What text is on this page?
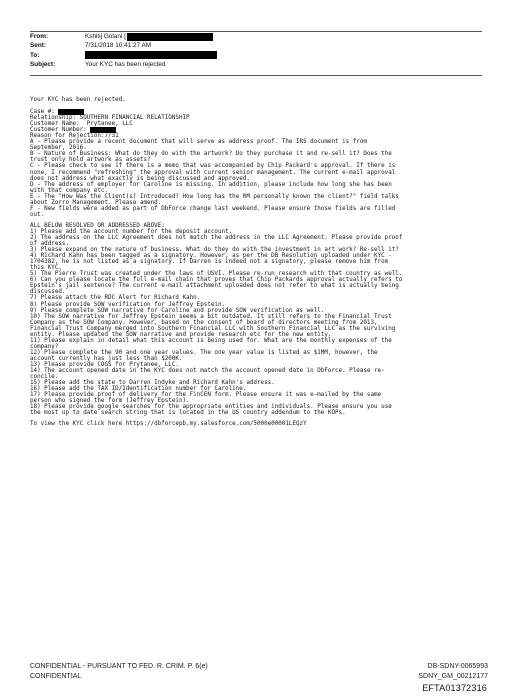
From:	Kshitij Golani [
Sent:	7/31/2018 10:41:27 AM
To:
Subject:	Your KYC has been rejected

Your KYC has been rejected.

Case #:

Relationship: SOUTHERN FINANCIAL RELATIONSHIP

Customer Name:  Prytanee, LLC

Customer Number:

Reason for Rejection:7/31

A - Please provide a recent document that will serve as address proof. The IRS document is from
September, 2016.

B - Nature of Business: What do they do with the artwork? Do they purchase it and re-sell it? Does the
trust only hold artwork as assets?

C - Please check to see if there is a memo that was accompanied by Chip Packard's approval. If there is
none, I recommend "refreshing" the approval with current senior management. The current e-mail approval
does not address what exactly is being discussed and approved.

D - The address of employer for Caroline is missing. In addition, please include how long she has been
with that company etc.

E - The "How Was the Client(s) Introduced? How long has the RM personally known the client?" field talks
about Zorro Management. Please amend.

F - New fields were added as part of DbForce change last weekend. Please ensure those fields are filled
out.

ALL BELOW RESOLVED OR ADDRESSED ABOVE:

1) Please add the account number for the deposit account.

2) The address on the LLC Agreement does not match the address in the LLC Agreement. Please provide proof
of address.

3) Please expand on the nature of business. What do they do with the investment in art work? Re-sell it?

4) Richard Kahn has been tagged as a signatory. However, as per the DB Resolution uploaded under KYC -
1704382, he is not listed as a signatory. If Darren is indeed not a signatory, please remove him from
this KYC.

5) The Pierre Trust was created under the laws of USVI. Please re-run research with that country as well.

6) Can you please locate the full e-mail chain that proves that Chip Packards approval actually refers to
Epstein's jail sentence? The current e-mail attachment uploaded does not refer to what is actually being
discussed.

7) Please attach the RDC Alert for Richard Kahn.

8) Please provide SOW verification for Jeffrey Epstein.

9) Please complete SOW narrative for Caroline and provide SOW verification as well.

10) The SOW narrative for Jeffrey Epstein seems a bit outdated. It still refers to the Financial Trust
Company as the SOW Company. However, based on the consent of board of directors meeting from 2013,
Financial Trust Company merged into Southern Financial LLC with Southern Financial LLC as the surviving
entity. Please updated the SOW narrative and provide research etc for the new entity.

11) Please explain in detail what this account is being used for. What are the monthly expenses of the
company?

12) Please complete the 90 and one year values. The one year value is listed as $1MM, however, the
account currently has just less than $200K.

13) Please provide COGS for Prytanee, LLC.

14) The account opened date in the KYC does not match the account opened date in DbForce. Please re-
concile.

15) Please add the state to Darren Indyke and Richard Kahn's address.

16) Please add the TAX ID/Identification number for Caroline.

17) Please provide proof of delivery for the FinCEN form. Please ensure it was e-mailed by the same
person who signed the form (Jeffrey Epstein).

18) Please provide google searches for the appropriate entities and individuals. Please ensure you use
the most up to date search string that is located in the US country addendum to the KOPs.

To view the KYC click here https://dbforcepb.my.salesforce.com/5000e00001LEQzY

CONFIDENTIAL - PURSUANT TO FED. R. CRIM. P. 6(e)	DB-SDNY-0065993
CONFIDENTIAL	SDNY_GM_00212177
EFTA01372316
